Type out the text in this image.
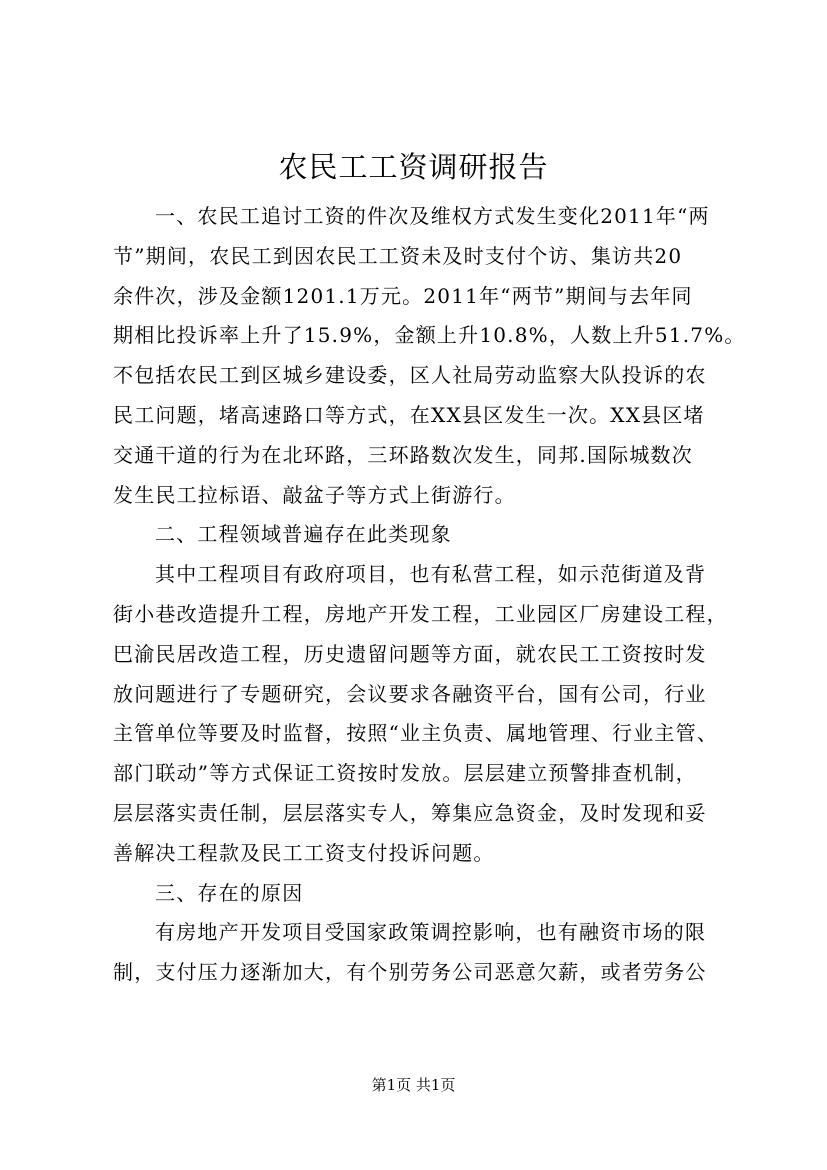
农民工工资调研报告
一、农民工追讨工资的件次及维权方式发生变化2011年“两
节”期间，农民工到因农民工工资未及时支付个访、集访共20
余件次，涉及金额1201.1万元。2011年“两节”期间与去年同
期相比投诉率上升了15.9%，金额上升10.8%，人数上升51.7%。
不包括农民工到区城乡建设委，区人社局劳动监察大队投诉的农
民工问题，堵高速路口等方式，在XX县区发生一次。XX县区堵
交通干道的行为在北环路，三环路数次发生，同邦.国际城数次
发生民工拉标语、敲盆子等方式上街游行。
二、工程领域普遍存在此类现象
其中工程项目有政府项目，也有私营工程，如示范街道及背
街小巷改造提升工程，房地产开发工程，工业园区厂房建设工程，
巴渝民居改造工程，历史遗留问题等方面，就农民工工资按时发
放问题进行了专题研究，会议要求各融资平台，国有公司，行业
主管单位等要及时监督，按照“业主负责、属地管理、行业主管、
部门联动”等方式保证工资按时发放。层层建立预警排查机制，
层层落实责任制，层层落实专人，筹集应急资金，及时发现和妥
善解决工程款及民工工资支付投诉问题。
三、存在的原因
有房地产开发项目受国家政策调控影响，也有融资市场的限
制，支付压力逐渐加大，有个别劳务公司恶意欠薪，或者劳务公
第1页 共1页
